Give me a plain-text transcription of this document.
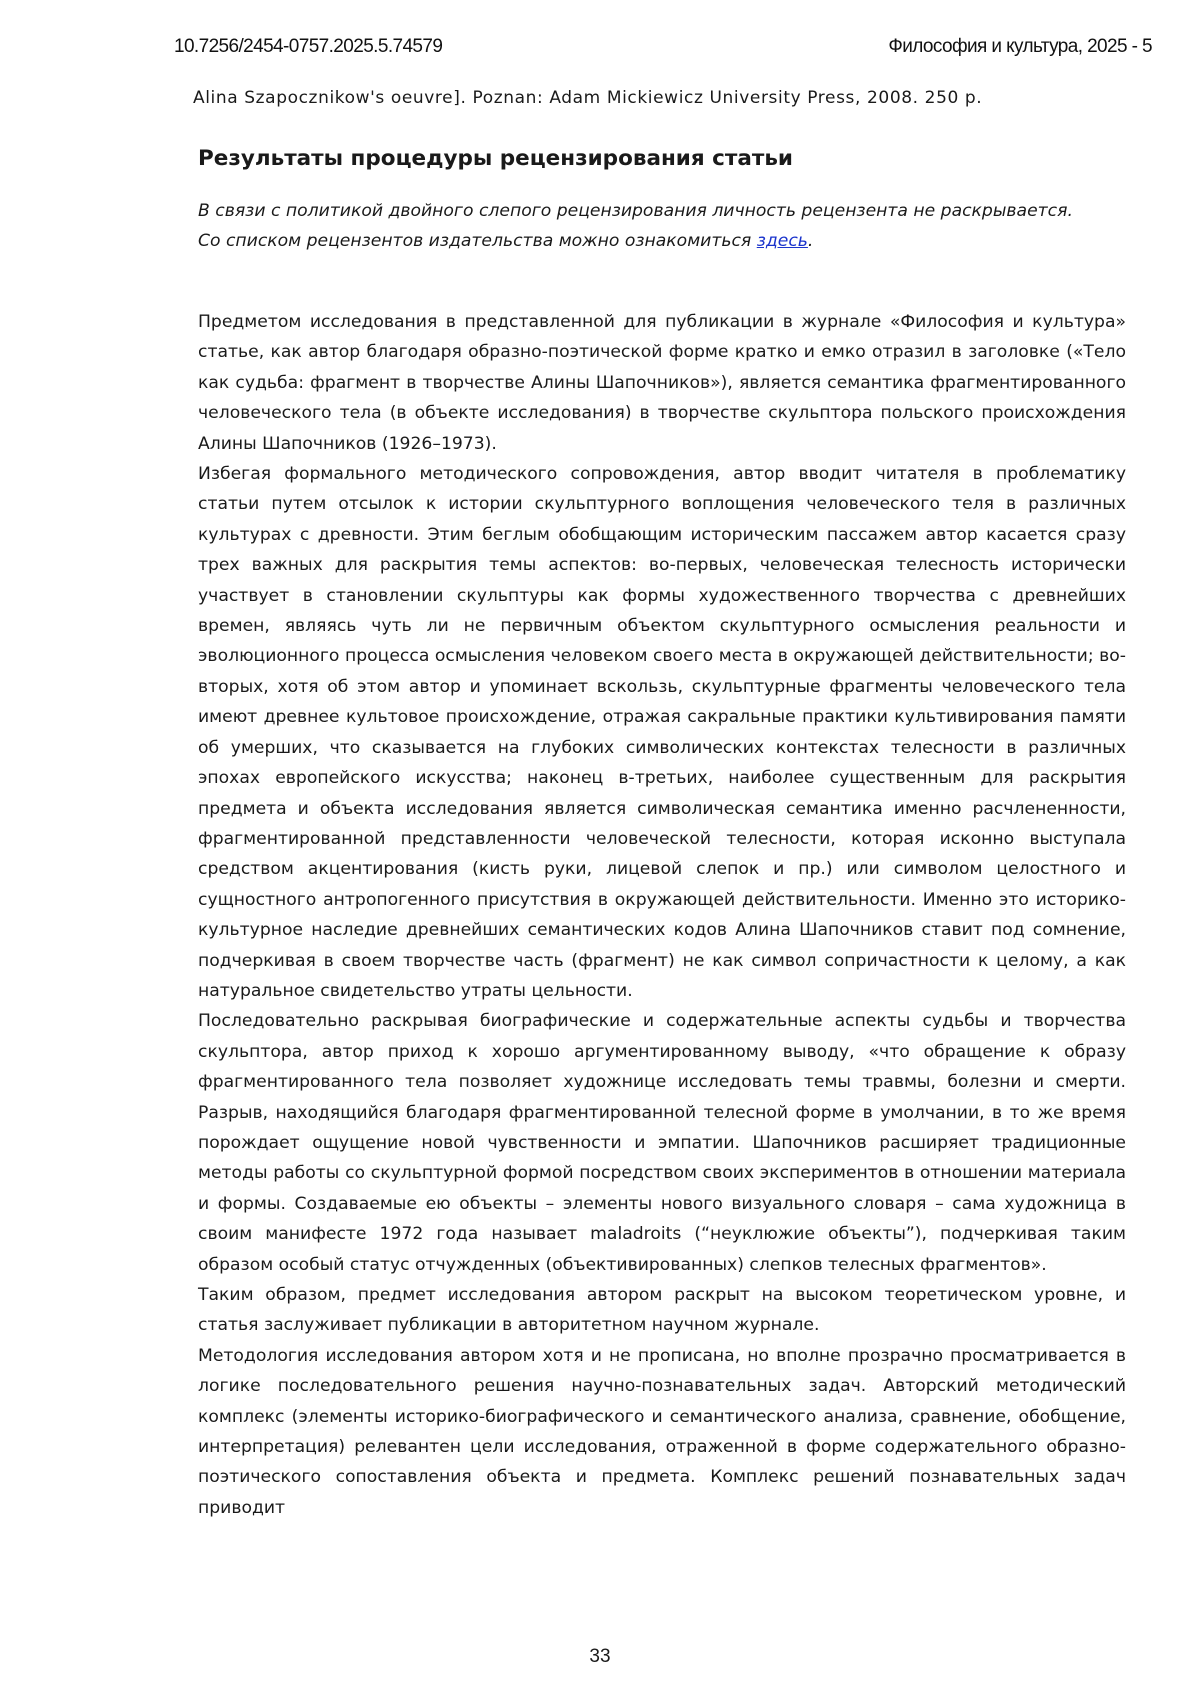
10.7256/2454-0757.2025.5.74579	Философия и культура, 2025 - 5
Alina Szapocznikow's oeuvre]. Poznan: Adam Mickiewicz University Press, 2008. 250 p.
Результаты процедуры рецензирования статьи

В связи с политикой двойного слепого рецензирования личность рецензента не раскрывается.

Со списком рецензентов издательства можно ознакомиться здесь.

Предметом исследования в представленной для публикации в журнале «Философия и культура» статье, как автор благодаря образно-поэтической форме кратко и емко отразил в заголовке («Тело как судьба: фрагмент в творчестве Алины Шапочников»), является семантика фрагментированного человеческого тела (в объекте исследования) в творчестве скульптора польского происхождения Алины Шапочников (1926–1973).

Избегая формального методического сопровождения, автор вводит читателя в проблематику статьи путем отсылок к истории скульптурного воплощения человеческого теля в различных культурах с древности. Этим беглым обобщающим историческим пассажем автор касается сразу трех важных для раскрытия темы аспектов: во-первых, человеческая телесность исторически участвует в становлении скульптуры как формы художественного творчества с древнейших времен, являясь чуть ли не первичным объектом скульптурного осмысления реальности и эволюционного процесса осмысления человеком своего места в окружающей действительности; во-вторых, хотя об этом автор и упоминает вскользь, скульптурные фрагменты человеческого тела имеют древнее культовое происхождение, отражая сакральные практики культивирования памяти об умерших, что сказывается на глубоких символических контекстах телесности в различных эпохах европейского искусства; наконец в-третьих, наиболее существенным для раскрытия предмета и объекта исследования является символическая семантика именно расчлененности, фрагментированной представленности человеческой телесности, которая исконно выступала средством акцентирования (кисть руки, лицевой слепок и пр.) или символом целостного и сущностного антропогенного присутствия в окружающей действительности. Именно это историко-культурное наследие древнейших семантических кодов Алина Шапочников ставит под сомнение, подчеркивая в своем творчестве часть (фрагмент) не как символ сопричастности к целому, а как натуральное свидетельство утраты цельности.

Последовательно раскрывая биографические и содержательные аспекты судьбы и творчества скульптора, автор приход к хорошо аргументированному выводу, «что обращение к образу фрагментированного тела позволяет художнице исследовать темы травмы, болезни и смерти. Разрыв, находящийся благодаря фрагментированной телесной форме в умолчании, в то же время порождает ощущение новой чувственности и эмпатии. Шапочников расширяет традиционные методы работы со скульптурной формой посредством своих экспериментов в отношении материала и формы. Создаваемые ею объекты – элементы нового визуального словаря – сама художница в своим манифесте 1972 года называет maladroits (“неуклюжие объекты”), подчеркивая таким образом особый статус отчужденных (объективированных) слепков телесных фрагментов».

Таким образом, предмет исследования автором раскрыт на высоком теоретическом уровне, и статья заслуживает публикации в авторитетном научном журнале.

Методология исследования автором хотя и не прописана, но вполне прозрачно просматривается в логике последовательного решения научно-познавательных задач. Авторский методический комплекс (элементы историко-биографического и семантического анализа, сравнение, обобщение, интерпретация) релевантен цели исследования, отраженной в форме содержательного образно-поэтического сопоставления объекта и предмета. Комплекс решений познавательных задач приводит

33
